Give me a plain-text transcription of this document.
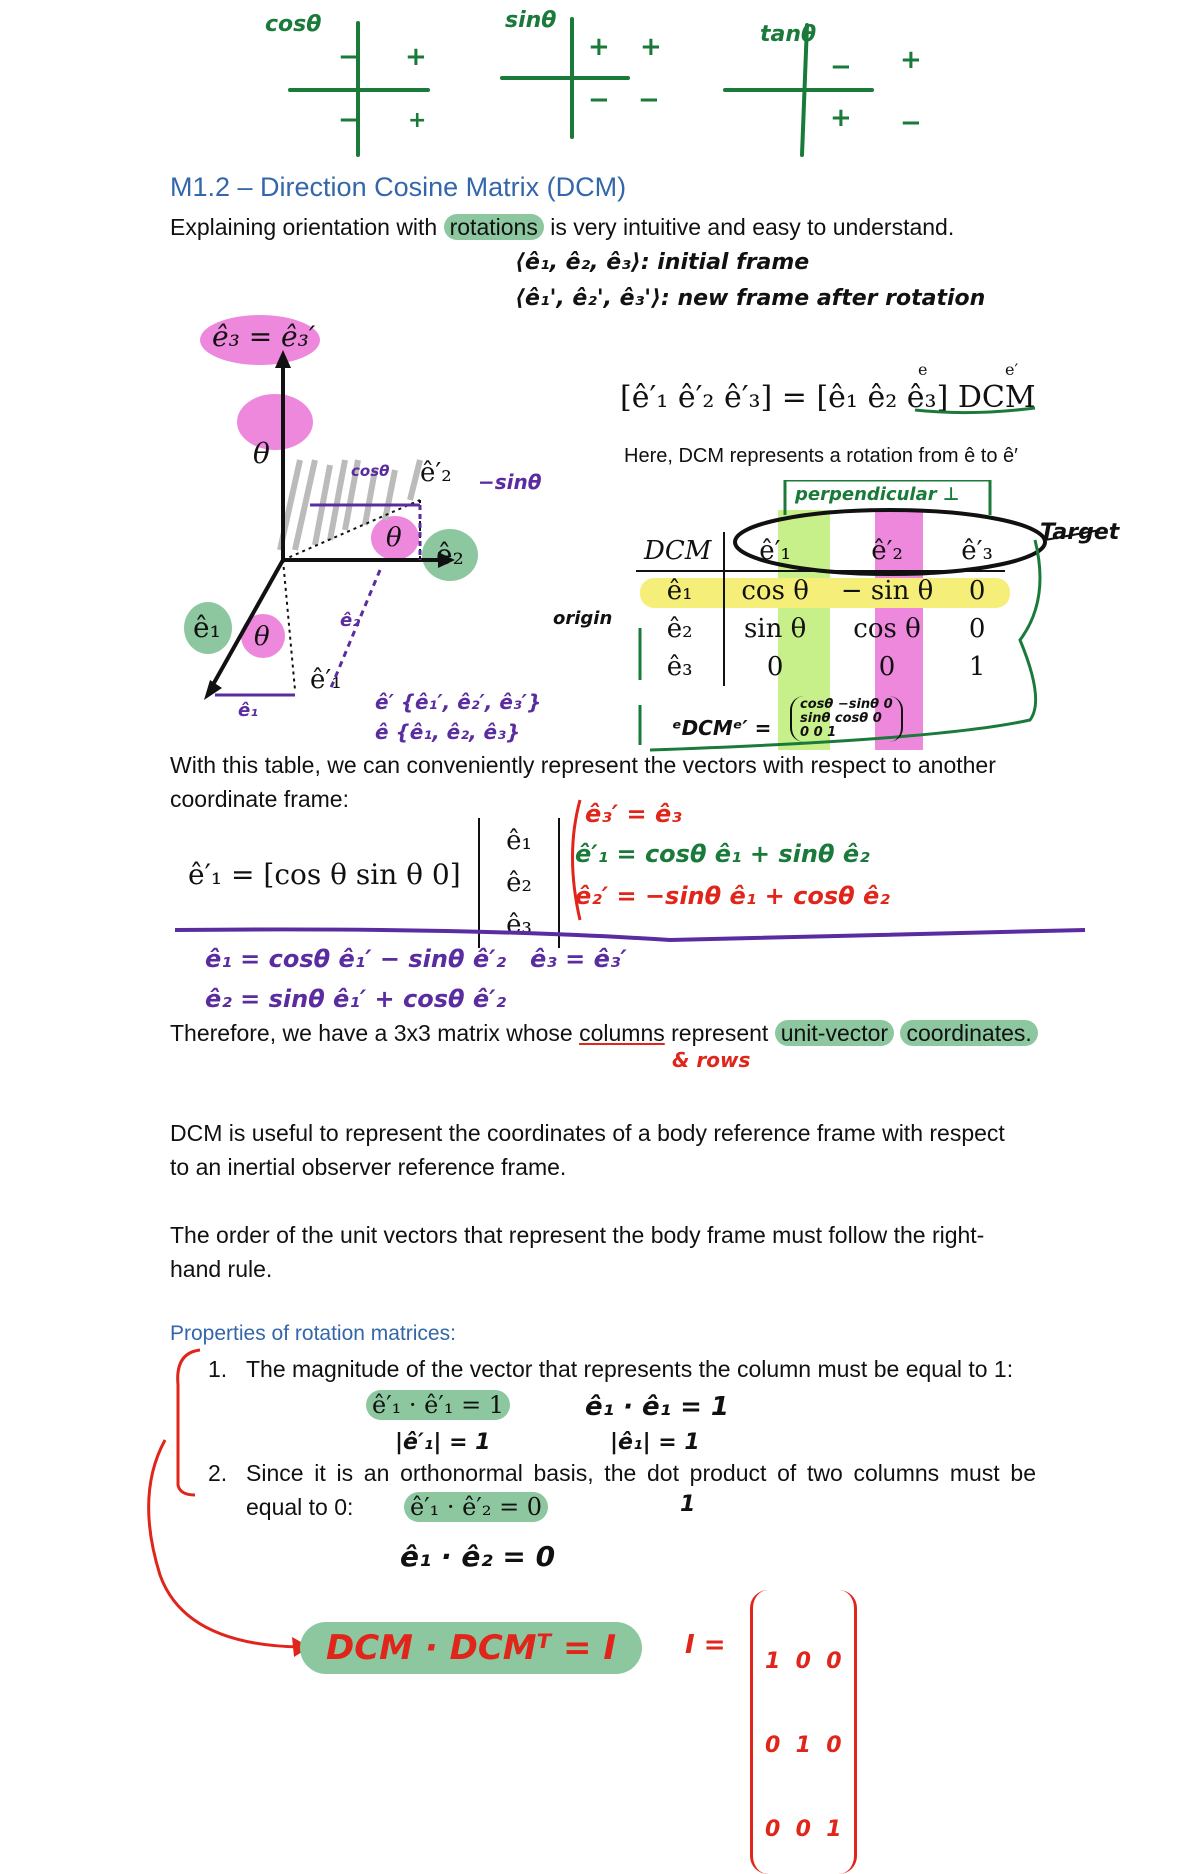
cosθ
+
−
− +
sinθ
+
+
− −
tanθ
+
−
+ −
M1.2 – Direction Cosine Matrix (DCM)
Explaining orientation with rotations is very intuitive and easy to understand.
⟨ê₁, ê₂, ê₃⟩: initial frame
⟨ê₁', ê₂', ê₃'⟩: new frame after rotation
ê₃ = ê₃′
θ
θ
θ
ê′₂
ê₂
ê₁
ê′₁
−sinθ
cosθ
ê₂
ê₁	ê′ {ê₁′, ê₂′, ê₃′}
ê {ê₁, ê₂, ê₃}
[ê′₁ ê′₂ ê′₃] = [ê₁ ê₂ ê₃] DCM
e	e′
Here, DCM represents a rotation from ê to ê′
perpendicular ⊥
Target
origin
DCM	ê′₁	ê′₂	ê′₃
ê₁	cos θ	− sin θ	0
ê₂	sin θ	cos θ	0
ê₃	0	0	1
ᵉDCMᵉ′ =
cosθ −sinθ 0
sinθ cosθ 0
0 0 1
With this table, we can conveniently represent the vectors with respect to another coordinate frame:
ê′₁ = [cos θ sin θ 0]
ê₁
ê₂
ê₃
ê₃′ = ê₃
ê′₁ = cosθ ê₁ + sinθ ê₂
ê₂′ = −sinθ ê₁ + cosθ ê₂
ê₁ = cosθ ê₁′ − sinθ ê′₂ ê₃ = ê₃′
ê₂ = sinθ ê₁′ + cosθ ê′₂
Therefore, we have a 3x3 matrix whose columns represent unit-vector coordinates.
& rows
DCM is useful to represent the coordinates of a body reference frame with respect to an inertial observer reference frame.
The order of the unit vectors that represent the body frame must follow the right-hand rule.
Properties of rotation matrices:
1. The magnitude of the vector that represents the column must be equal to 1:
ê′₁ · ê′₁ = 1	ê₁ · ê₁ = 1
|ê′₁| = 1	|ê₁| = 1
2. Since it is an orthonormal basis, the dot product of two columns must be equal to 0:	ê′₁ · ê′₂ = 0	1
ê₁ · ê₂ = 0
DCM · DCMᵀ = I	I =

1  0  0

0  1  0

0  0  1
